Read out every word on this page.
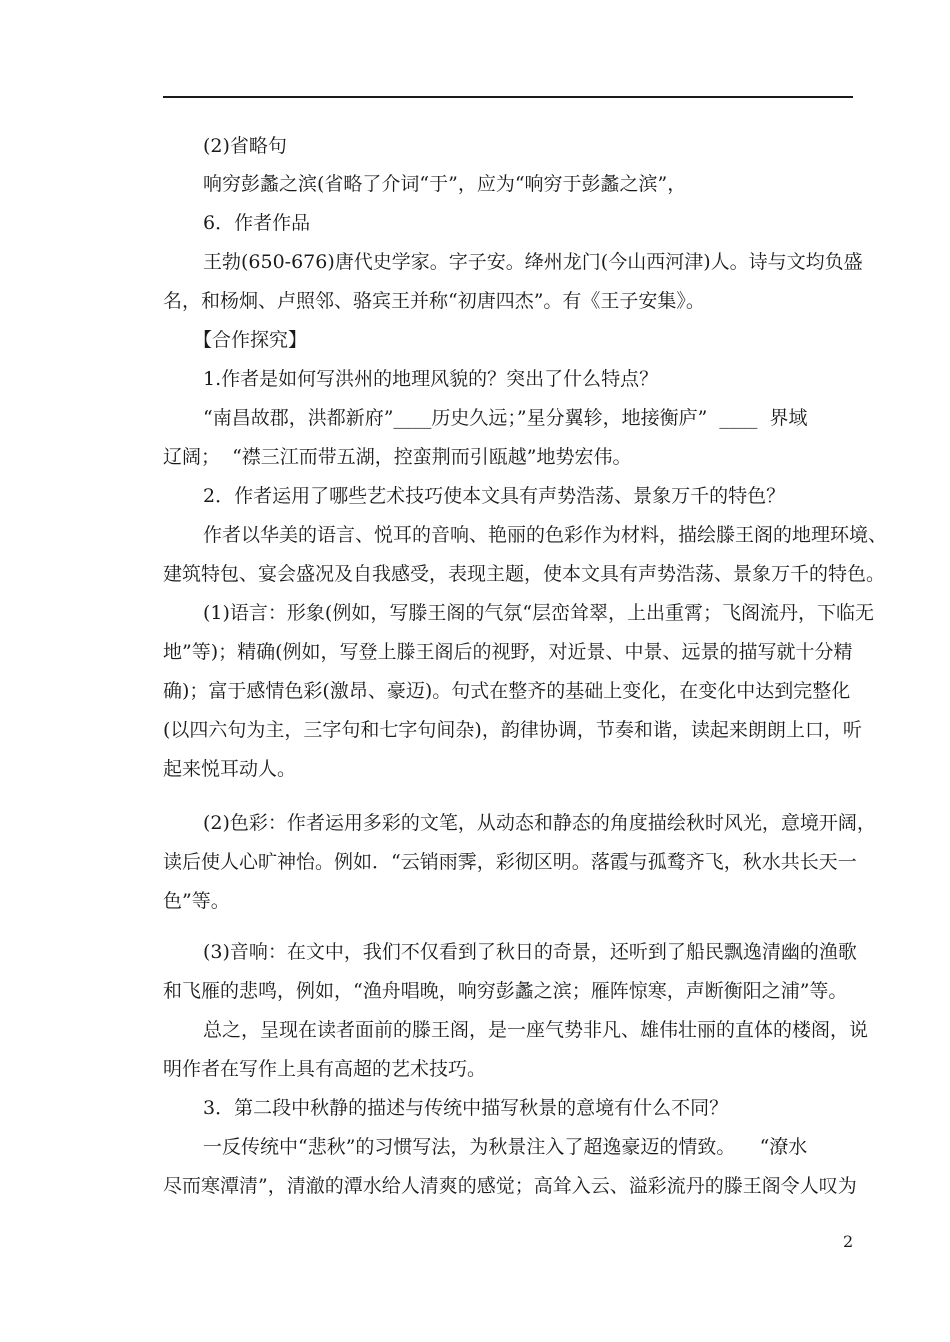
(2)省略句

响穷彭蠡之滨(省略了介词“于”，应为“响穷于彭蠡之滨”，

6．作者作品

王勃(650-676)唐代史学家。字子安。绛州龙门(今山西河津)人。诗与文均负盛

名，和杨炯、卢照邻、骆宾王并称“初唐四杰”。有《王子安集》。

【合作探究】

1.作者是如何写洪州的地理风貌的？突出了什么特点？

“南昌故郡，洪都新府”____历史久远；”星分翼轸，地接衡庐”  ____  界域

辽阔；  “襟三江而带五湖，控蛮荆而引瓯越”地势宏伟。

2．作者运用了哪些艺术技巧使本文具有声势浩荡、景象万千的特色？

作者以华美的语言、悦耳的音响、艳丽的色彩作为材料，描绘滕王阁的地理环境、

建筑特包、宴会盛况及自我感受，表现主题，使本文具有声势浩荡、景象万千的特色。

(1)语言：形象(例如，写滕王阁的气氛“层峦耸翠，上出重霄；飞阁流丹，下临无

地”等)；精确(例如，写登上滕王阁后的视野，对近景、中景、远景的描写就十分精

确)；富于感情色彩(激昂、豪迈)。句式在整齐的基础上变化，在变化中达到完整化

(以四六句为主，三字句和七字句间杂)，韵律协调，节奏和谐，读起来朗朗上口，听

起来悦耳动人。

(2)色彩：作者运用多彩的文笔，从动态和静态的角度描绘秋时风光，意境开阔，

读后使人心旷神怡。例如．“云销雨霁，彩彻区明。落霞与孤鹜齐飞，秋水共长天一

色”等。

(3)音响：在文中，我们不仅看到了秋日的奇景，还听到了船民飘逸清幽的渔歌

和飞雁的悲鸣，例如，“渔舟唱晚，响穷彭蠡之滨；雁阵惊寒，声断衡阳之浦”等。

总之，呈现在读者面前的滕王阁，是一座气势非凡、雄伟壮丽的直体的楼阁，说

明作者在写作上具有高超的艺术技巧。

3．第二段中秋静的描述与传统中描写秋景的意境有什么不同？

一反传统中“悲秋”的习惯写法，为秋景注入了超逸豪迈的情致。    “潦水

尽而寒潭清”，清澈的潭水给人清爽的感觉；高耸入云、溢彩流丹的滕王阁令人叹为

2
